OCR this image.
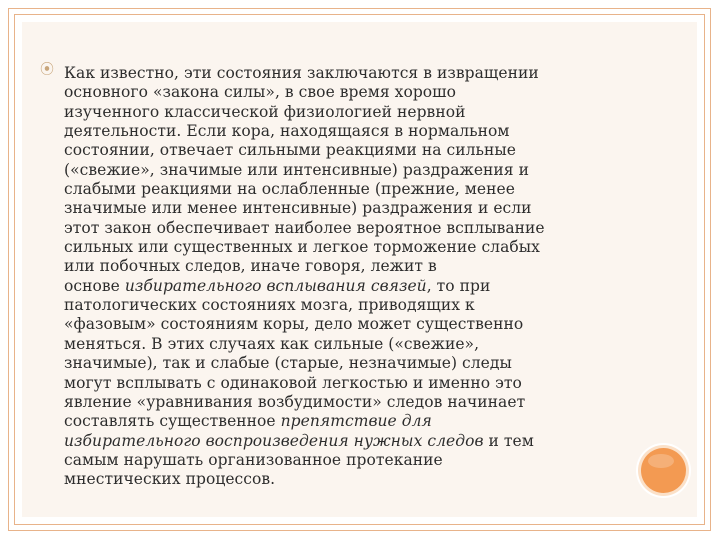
⦿ Как известно, эти состояния заключаются в извращении
основного «закона силы», в свое время хорошо
изученного классической физиологией нервной
деятельности. Если кора, находящаяся в нормальном
состоянии, отвечает сильными реакциями на сильные
(«свежие», значимые или интенсивные) раздражения и
слабыми реакциями на ослабленные (прежние, менее
значимые или менее интенсивные) раздражения и если
этот закон обеспечивает наиболее вероятное всплывание
сильных или существенных и легкое торможение слабых
или побочных следов, иначе говоря, лежит в
основе избирательного всплывания связей, то при
патологических состояниях мозга, приводящих к
«фазовым» состояниям коры, дело может существенно
меняться. В этих случаях как сильные («свежие»,
значимые), так и слабые (старые, незначимые) следы
могут всплывать с одинаковой легкостью и именно это
явление «уравнивания возбудимости» следов начинает
составлять существенное препятствие для
избирательного воспроизведения нужных следов и тем
самым нарушать организованное протекание
мнестических процессов.
